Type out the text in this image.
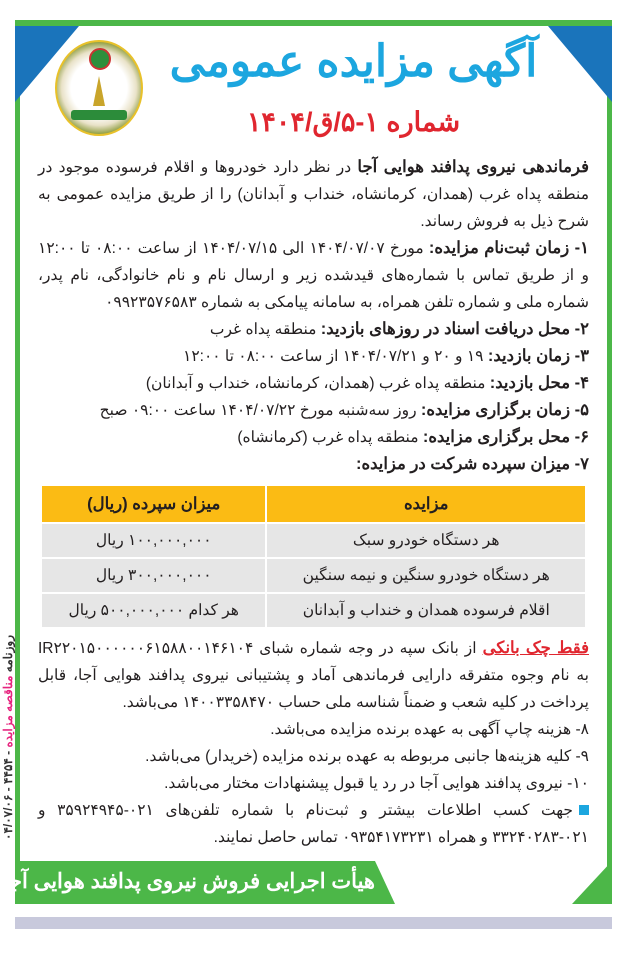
آگهی مزایده عمومی
شماره ۱-۵/ق/۱۴۰۴

فرماندهی نیروی پدافند هوایی آجا در نظر دارد خودروها و اقلام فرسوده موجود در منطقه پداه غرب (همدان، کرمانشاه، خنداب و آبدانان) را از طریق مزایده عمومی به شرح ذیل به فروش رساند.

۱- زمان ثبت‌نام مزایده: مورخ ۱۴۰۴/۰۷/۰۷ الی ۱۴۰۴/۰۷/۱۵ از ساعت ۰۸:۰۰ تا ۱۲:۰۰ و از طریق تماس با شماره‌های قیدشده زیر و ارسال نام و نام خانوادگی، نام پدر، شماره ملی و شماره تلفن همراه، به سامانه پیامکی به شماره ۰۹۹۲۳۵۷۶۵۸۳

۲- محل دریافت اسناد در روزهای بازدید: منطقه پداه غرب

۳- زمان بازدید: ۱۹ و ۲۰ و ۱۴۰۴/۰۷/۲۱ از ساعت ۰۸:۰۰ تا ۱۲:۰۰

۴- محل بازدید: منطقه پداه غرب (همدان، کرمانشاه، خنداب و آبدانان)

۵- زمان برگزاری مزایده: روز سه‌شنبه مورخ ۱۴۰۴/۰۷/۲۲ ساعت ۰۹:۰۰ صبح

۶- محل برگزاری مزایده: منطقه پداه غرب (کرمانشاه)

۷- میزان سپرده شرکت در مزایده:

مزایده	میزان سپرده (ریال)
هر دستگاه خودرو سبک	۱۰۰,۰۰۰,۰۰۰ ریال
هر دستگاه خودرو سنگین و نیمه سنگین	۳۰۰,۰۰۰,۰۰۰ ریال
اقلام فرسوده همدان و خنداب و آبدانان	هر کدام ۵۰۰,۰۰۰,۰۰۰ ریال

فقط چک بانکی از بانک سپه در وجه شماره شبای IR۲۲۰۱۵۰۰۰۰۰۰۶۱۵۸۸۰۰۱۴۶۱۰۴ به نام وجوه متفرقه دارایی فرماندهی آماد و پشتیبانی نیروی پدافند هوایی آجا، قابل پرداخت در کلیه شعب و ضمناً شناسه ملی حساب ۱۴۰۰۳۳۵۸۴۷۰ می‌باشد.

۸- هزینه چاپ آگهی به عهده برنده مزایده می‌باشد.

۹- کلیه هزینه‌ها جانبی مربوطه به عهده برنده مزایده (خریدار) می‌باشد.

۱۰- نیروی پدافند هوایی آجا در رد یا قبول پیشنهادات مختار می‌باشد.

جهت کسب اطلاعات بیشتر و ثبت‌نام با شماره تلفن‌های ۰۲۱-۳۵۹۲۴۹۴۵ و ۰۲۱-۳۳۲۴۰۲۸۳ و همراه ۰۹۳۵۴۱۷۳۲۳۱ تماس حاصل نمایند.

هیأت اجرایی فروش نیروی پدافند هوایی آجا
روزنامه مناقصه مزایده - ۴۴۵۴ - ۰۴/۰۷/۰۶
